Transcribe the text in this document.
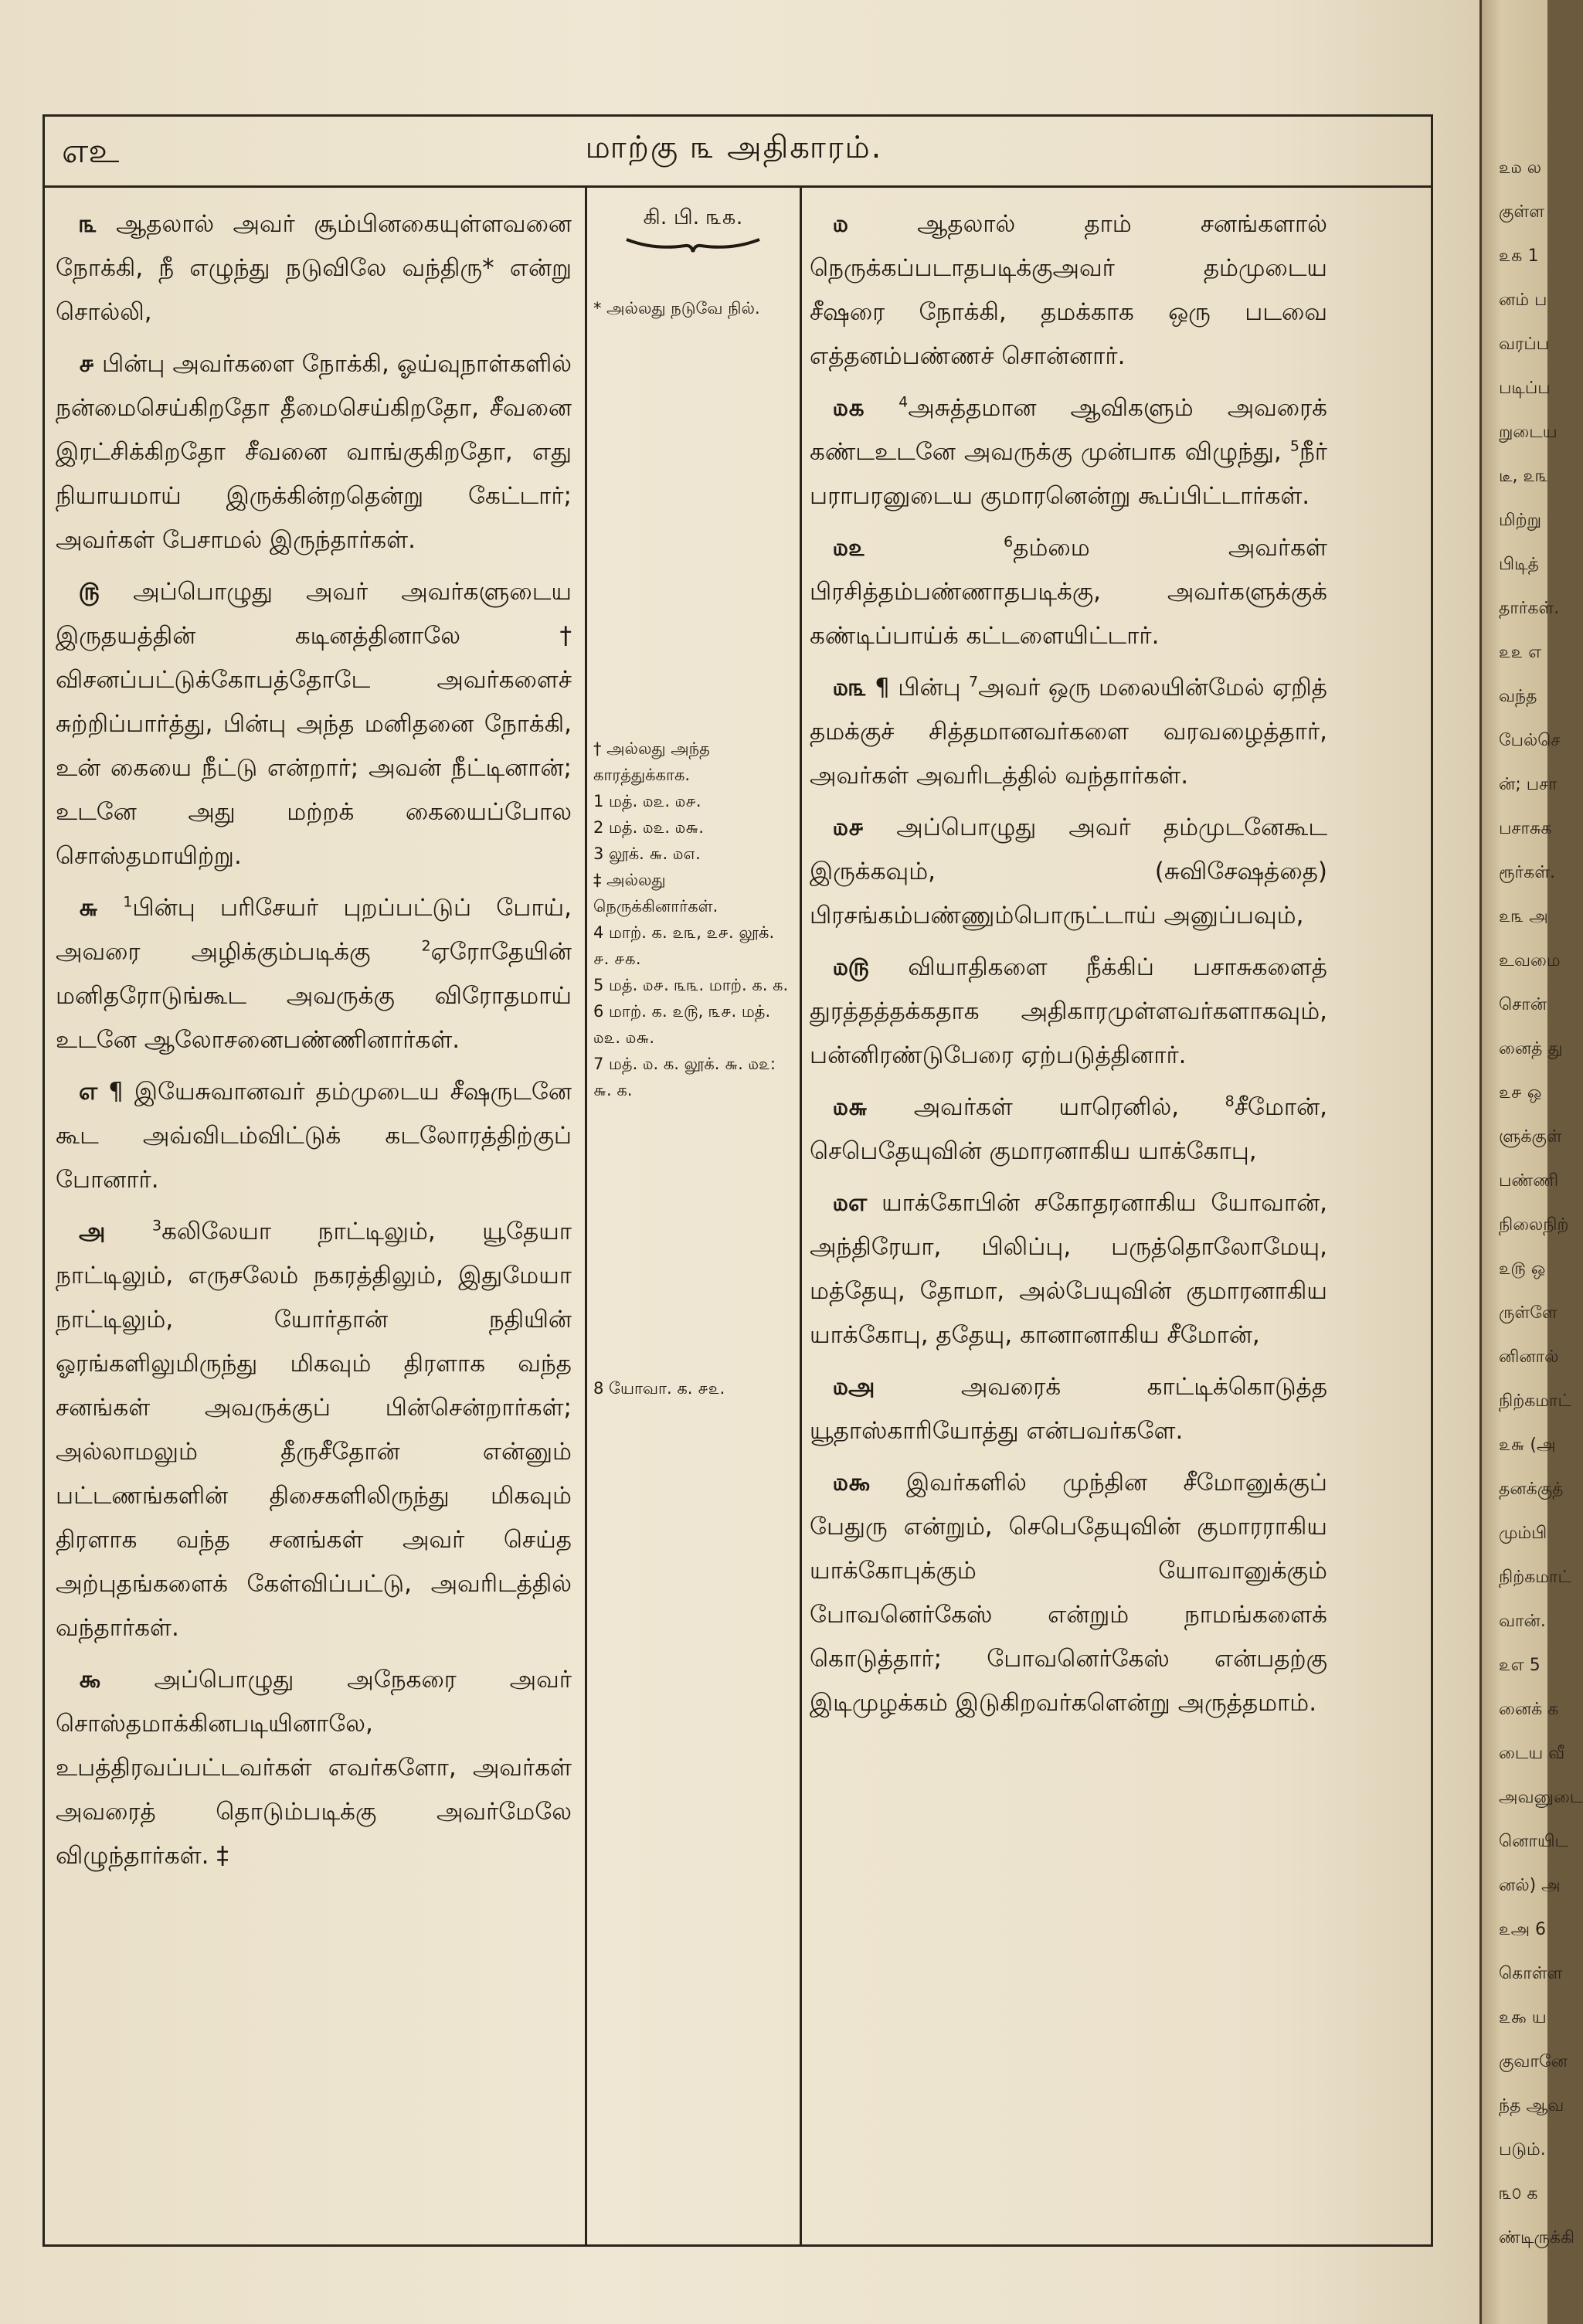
எஉ	மாற்கு ௩ அதிகாரம்.

௩ ஆதலால் அவர் சூம்பினகையுள்ளவனை நோக்கி, நீ எழுந்து நடுவிலே வந்திரு* என்று சொல்லி,

௪ பின்பு அவர்களை நோக்கி, ஓய்வுநாள்களில் நன்மைசெய்கிறதோ தீமைசெய்கிறதோ, சீவனை இரட்சிக்கிறதோ சீவனை வாங்குகிறதோ, எது நியாயமாய் இருக்கின்றதென்று கேட்டார்; அவர்கள் பேசாமல் இருந்தார்கள்.

௫ அப்பொழுது அவர் அவர்களுடைய இருதயத்தின் கடினத்தினாலே † விசனப்பட்டுக்கோபத்தோடே அவர்களைச் சுற்றிப்பார்த்து, பின்பு அந்த மனிதனை நோக்கி, உன் கையை நீட்டு என்றார்; அவன் நீட்டினான்; உடனே அது மற்றக் கையைப்போல சொஸ்தமாயிற்று.

௬ $^1$பின்பு பரிசேயர் புறப்பட்டுப் போய், அவரை அழிக்கும்படிக்கு $^2$ஏரோதேயின் மனிதரோடுங்கூட அவருக்கு விரோதமாய் உடனே ஆலோசனைபண்ணினார்கள்.

எ ¶ இயேசுவானவர் தம்முடைய சீஷருடனே கூட அவ்விடம்விட்டுக் கடலோரத்திற்குப் போனார்.

அ	$^3$கலிலேயா நாட்டிலும், யூதேயா நாட்டிலும், எருசலேம் நகரத்திலும், இதுமேயா நாட்டிலும், யோர்தான் நதியின் ஓரங்களிலுமிருந்து மிகவும் திரளாக வந்த சனங்கள் அவருக்குப் பின்சென்றார்கள்; அல்லாமலும் தீருசீதோன் என்னும் பட்டணங்களின் திசைகளிலிருந்து மிகவும் திரளாக வந்த சனங்கள் அவர் செய்த அற்புதங்களைக் கேள்விப்பட்டு, அவரிடத்தில் வந்தார்கள்.

௯ அப்பொழுது அநேகரை அவர் சொஸ்தமாக்கினபடியினாலே, உபத்திரவப்பட்டவர்கள் எவர்களோ, அவர்கள் அவரைத் தொடும்படிக்கு அவர்மேலே விழுந்தார்கள். ‡

கி. பி. ௩௧.
* அல்லது நடுவே நில்.
† அல்லது அந்த காரத்துக்காக.
1 மத். ௰௨. ௰௪.
2 மத். ௰௨. ௰௬.
3 லூக். ௬. ௰௭.
‡ அல்லது நெருக்கினார்கள்.
4 மாற். க. ௨௩, ௨௪. லூக். ௪. ௪௧.
5 மத். ௰௪. ௩௩. மாற். க. க.
6 மாற். க. ௨௫, ௩௪. மத். ௰௨. ௰௬.
7 மத். ௰. க. லூக். ௬. ௰௨: ௬. க.
8 யோவா. க. ௪௨.

௰	ஆதலால் தாம் சனங்களால் நெருக்கப்படாதபடிக்குஅவர் தம்முடைய சீஷரை நோக்கி, தமக்காக ஒரு படவை எத்தனம்பண்ணச் சொன்னார்.

௰௧ $^4$அசுத்தமான ஆவிகளும் அவரைக் கண்டஉடனே அவருக்கு முன்பாக விழுந்து, $^5$நீர் பராபரனுடைய குமாரனென்று கூப்பிட்டார்கள்.

௰௨	$^6$தம்மை அவர்கள் பிரசித்தம்பண்ணாதபடிக்கு, அவர்களுக்குக் கண்டிப்பாய்க் கட்டளையிட்டார்.

௰௩ ¶ பின்பு $^7$அவர் ஒரு மலையின்மேல் ஏறித் தமக்குச் சித்தமானவர்களை வரவழைத்தார், அவர்கள் அவரிடத்தில் வந்தார்கள்.

௰௪ அப்பொழுது அவர் தம்முடனேகூட இருக்கவும், (சுவிசேஷத்தை) பிரசங்கம்பண்ணும்பொருட்டாய் அனுப்பவும்,

௰௫ வியாதிகளை நீக்கிப் பசாசுகளைத் துரத்தத்தக்கதாக அதிகாரமுள்ளவர்களாகவும், பன்னிரண்டுபேரை ஏற்படுத்தினார்.

௰௬ அவர்கள் யாரெனில், $^8$சீமோன், செபெதேயுவின் குமாரனாகிய யாக்கோபு,

௰எ யாக்கோபின் சகோதரனாகிய யோவான், அந்திரேயா, பிலிப்பு, பருத்தொலோமேயு, மத்தேயு, தோமா, அல்பேயுவின் குமாரனாகிய யாக்கோபு, ததேயு, கானானாகிய சீமோன்,

௰அ	அவரைக் காட்டிக்கொடுத்த யூதாஸ்காரியோத்து என்பவர்களே.

௰௯ இவர்களில் முந்தின சீமோனுக்குப் பேதுரு என்றும், செபெதேயுவின் குமாரராகிய யாக்கோபுக்கும் யோவானுக்கும் போவனெர்கேஸ் என்றும் நாமங்களைக் கொடுத்தார்; போவனெர்கேஸ் என்பதற்கு இடிமுழக்கம் இடுகிறவர்களென்று அருத்தமாம்.

௨௰ ல
குள்ள
௨௧ 1
னம் ப
வரப்ப
படிப்ப
றுடைய
டீ, ௨௩
மிற்று
பிடித்
தார்கள்.
௨௨ எ
வந்த
பேல்செ
ன்; பசா
பசாசுக
ரூர்கள்.
௨௩ அ
உவமை
சொன்
னைத் து
௨௪ ஒ
ளுக்குள்
பண்ணி
நிலைநிற்
௨௫ ஒ
ருள்ளே
னினால்
நிற்கமாட்
௨௬ (அ
தனக்குத்
மும்பி
நிற்கமாட்
வான்.
௨எ 5
னைக் க
டைய வீ
அவனுடை
னொயிட
னல்) அ
௨அ 6
கொள்ள
௨௯ ய
குவானே
ந்த ஆவ
படும்.
௩௦ க
ண்டிருக்கி
